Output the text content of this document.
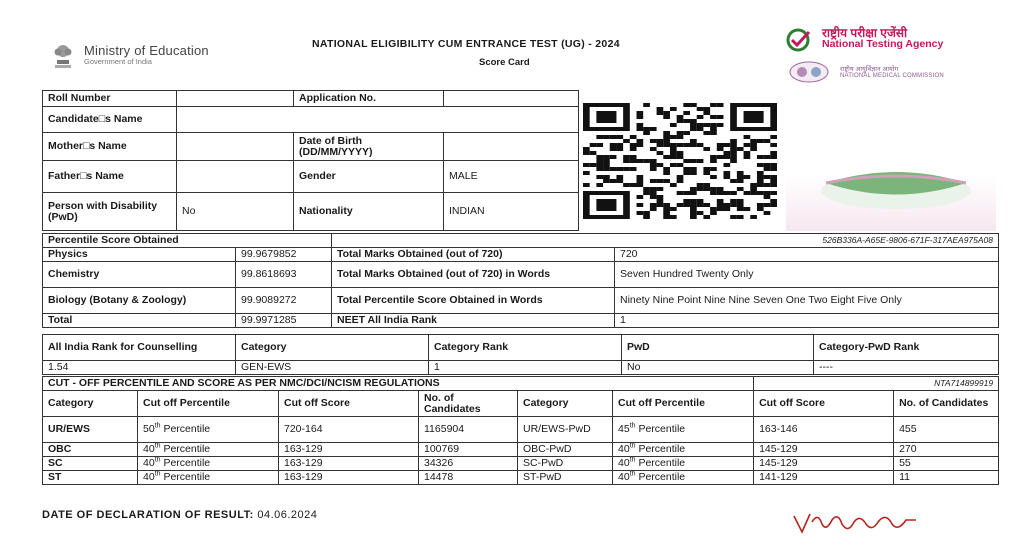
Ministry of Education
Government of India
NATIONAL ELIGIBILITY CUM ENTRANCE TEST (UG) - 2024
Score Card
राष्ट्रीय परीक्षा एजेंसी
National Testing Agency
राष्ट्रीय आयुर्विज्ञान आयोग
NATIONAL MEDICAL COMMISSION
Roll Number		Application No.	
Candidate□s Name			
Mother□s Name		Date of Birth (DD/MM/YYYY)	
Father□s Name		Gender	MALE
Person with Disability (PwD)	No	Nationality	INDIAN
Percentile Score Obtained		526B336A-A65E-9806-671F-317AEA975A08	
Physics	99.9679852	Total Marks Obtained (out of 720)	720
Chemistry	99.8618693	Total Marks Obtained (out of 720) in Words	Seven Hundred Twenty Only
Biology (Botany & Zoology)	99.9089272	Total Percentile Score Obtained in Words	Ninety Nine Point Nine Nine Seven One Two Eight Five Only
Total	99.9971285	NEET All India Rank	1
All India Rank for Counselling	Category	Category Rank	PwD	Category-PwD Rank
1.54	GEN-EWS	1	No	----
CUT - OFF PERCENTILE AND SCORE AS PER NMC/DCI/NCISM REGULATIONS						NTA714899919	
Category	Cut off Percentile	Cut off Score	No. of Candidates	Category	Cut off Percentile	Cut off Score	No. of Candidates
UR/EWS	50th Percentile	720-164	1165904	UR/EWS-PwD	45th Percentile	163-146	455
OBC	40th Percentile	163-129	100769	OBC-PwD	40th Percentile	145-129	270
SC	40th Percentile	163-129	34326	SC-PwD	40th Percentile	145-129	55
ST	40th Percentile	163-129	14478	ST-PwD	40th Percentile	141-129	11
DATE OF DECLARATION OF RESULT: 04.06.2024
